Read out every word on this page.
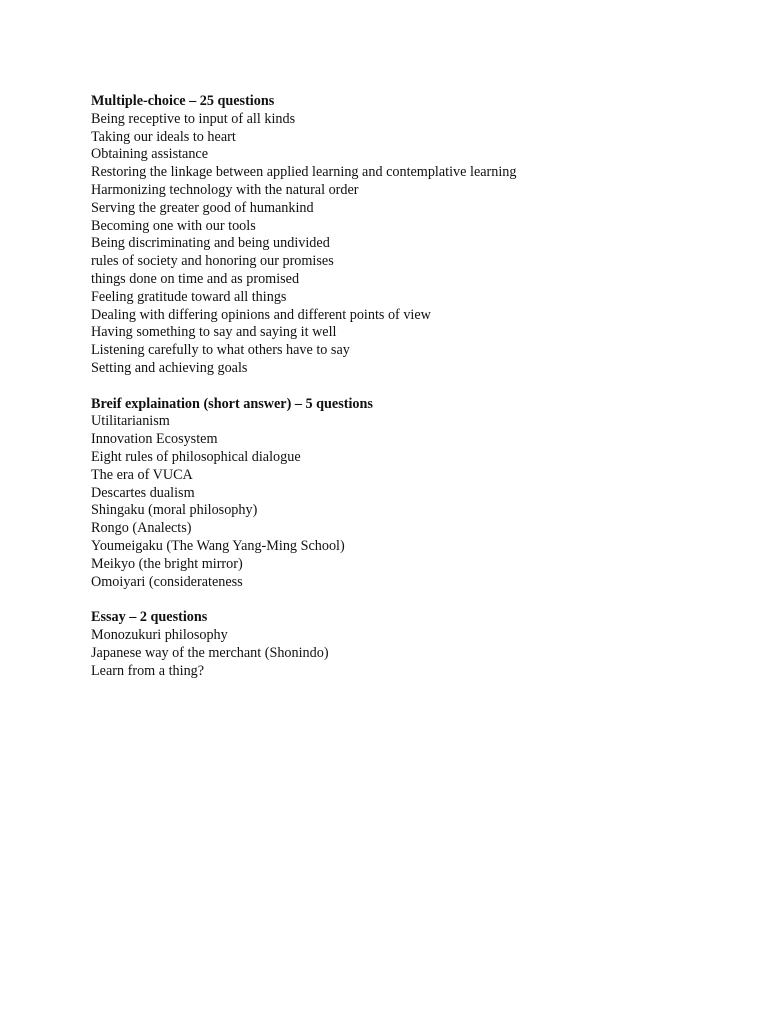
Multiple-choice – 25 questions
Being receptive to input of all kinds
Taking our ideals to heart
Obtaining assistance
Restoring the linkage between applied learning and contemplative learning
Harmonizing technology with the natural order
Serving the greater good of humankind
Becoming one with our tools
Being discriminating and being undivided
rules of society and honoring our promises
things done on time and as promised
Feeling gratitude toward all things
Dealing with differing opinions and different points of view
Having something to say and saying it well
Listening carefully to what others have to say
Setting and achieving goals
Breif explaination (short answer) – 5 questions
Utilitarianism
Innovation Ecosystem
Eight rules of philosophical dialogue
The era of VUCA
Descartes dualism
Shingaku (moral philosophy)
Rongo (Analects)
Youmeigaku (The Wang Yang-Ming School)
Meikyo (the bright mirror)
Omoiyari (considerateness
Essay – 2 questions
Monozukuri philosophy
Japanese way of the merchant (Shonindo)
Learn from a thing?
